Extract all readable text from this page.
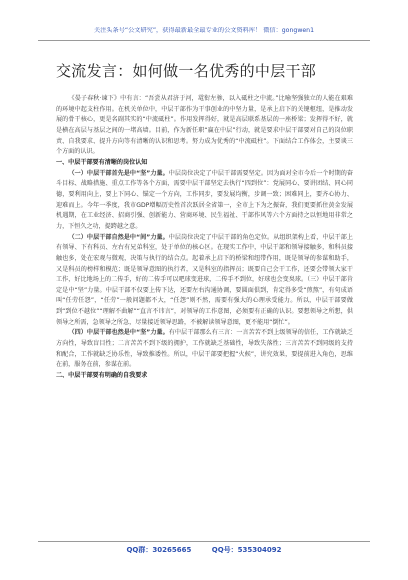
关注头条号“公文研究”，获得最新最全最专业的公文资料库！ 微信：gongwen1
交流发言：如何做一名优秀的中层干部

《晏子春秋·谏下》中有言：“吾尝从君济于河，鼋衔左骖，以入砥柱之中流。”比喻坚强独立的人能在艰难的环境中起支柱作用。在机关单位中，中层干部作为干事创业的中坚力量，是承上启下的关键枢纽，是推动发展的骨干核心，更是名副其实的“中流砥柱”。作用发挥得好，就是高层联系基层的一座桥梁；发挥得不好，就是横在高层与基层之间的一堵高墙。目前，作为新任职“赢在中层”行动，就是要求中层干部要对自己的岗位职责、自我要求、提升方向等有清晰的认识和思考。努力成为优秀的“中流砥柱”。下面结合工作体会，主要谈三个方面的认识。

一、中层干部要有清晰的岗位认知

（一）中层干部首先是中“坚”力量。中层岗位决定了中层干部需要坚定。因为面对全市今后一个时期的奋斗目标、战略措施、重点工作等各个方面，需要中层干部坚定去执行“四到位”：党展同心、要讲团结、同心同德，要利用向上，要上下同心、锚定一个方向，工作同步，要发展均衡，步调一致；困难同上，要齐心协力、迎难而上。今年一季度，我市GDP增幅历史性首次跃居全省第一，全市上下为之振奋，我们更要抓住黄金发展机遇期，在工业经济、招商引强、创新能力、营商环境、民生福祉、干部作风等六个方面持之以恒地用非常之力，下恒久之功，提跨越之意。

（二）中层干部自然是中“间”力量。中层岗位决定了中层干部的角色定位。从组织架构上看，中层干部上有领导、下有科员、左右有兄弟科室，处于单位的核心区。在现实工作中，中层干部和领导接触多，和科员接触也多，处在宏观与微观，决策与执行的结合点。起着承上启下的桥梁和纽带作用，既是领导的参谋和助手，又是科员的榜样和模范；既是领导意图的执行者，又是科室的指挥员；既要自己会干工作，还要会带领大家干工作，好比地场上的二传手，好的二传手可以吧球变进球，二传手不到位，好球也会变臭球。（三）中层干部肯定是中“坚”力量。中层干部不仅要上传下达，还要左右沟通协调，要圆面俱到，肯定得多受“煎熬”，有句成语叫“任劳任怨”，“任劳”一般问题都不大，“任怨”则不然，需要有强大的心理承受能力。所以，中层干部要做到“到位不越位”“理解不曲解”“直言不讳言”，对领导的工作意图，必须要有正确的认识。要想领导之所想，供领导之所需，急领导之所急，尽量接近领导思路，不被解读领导意图，更不能用“倒忙”。

（四）中层干部也然是中“坚”力量。有中层干部那么有三言：一言苦苦不到上级领导的信任，工作就缺乏方向性，导致盲目性；二言苦苦不到下级的拥护，工作就缺乏基础性，导致失落性；三言苦苦不到同级的支持和配合，工作就缺乏协乐性，导致推诿性。所以，中层干部要把握“火候”，讲究效果，要提前进入角色，思维在前，服务在前，参谋在前。

二、中层干部要有明确的自我要求

QQ群：30265665	QQ号：535304092
